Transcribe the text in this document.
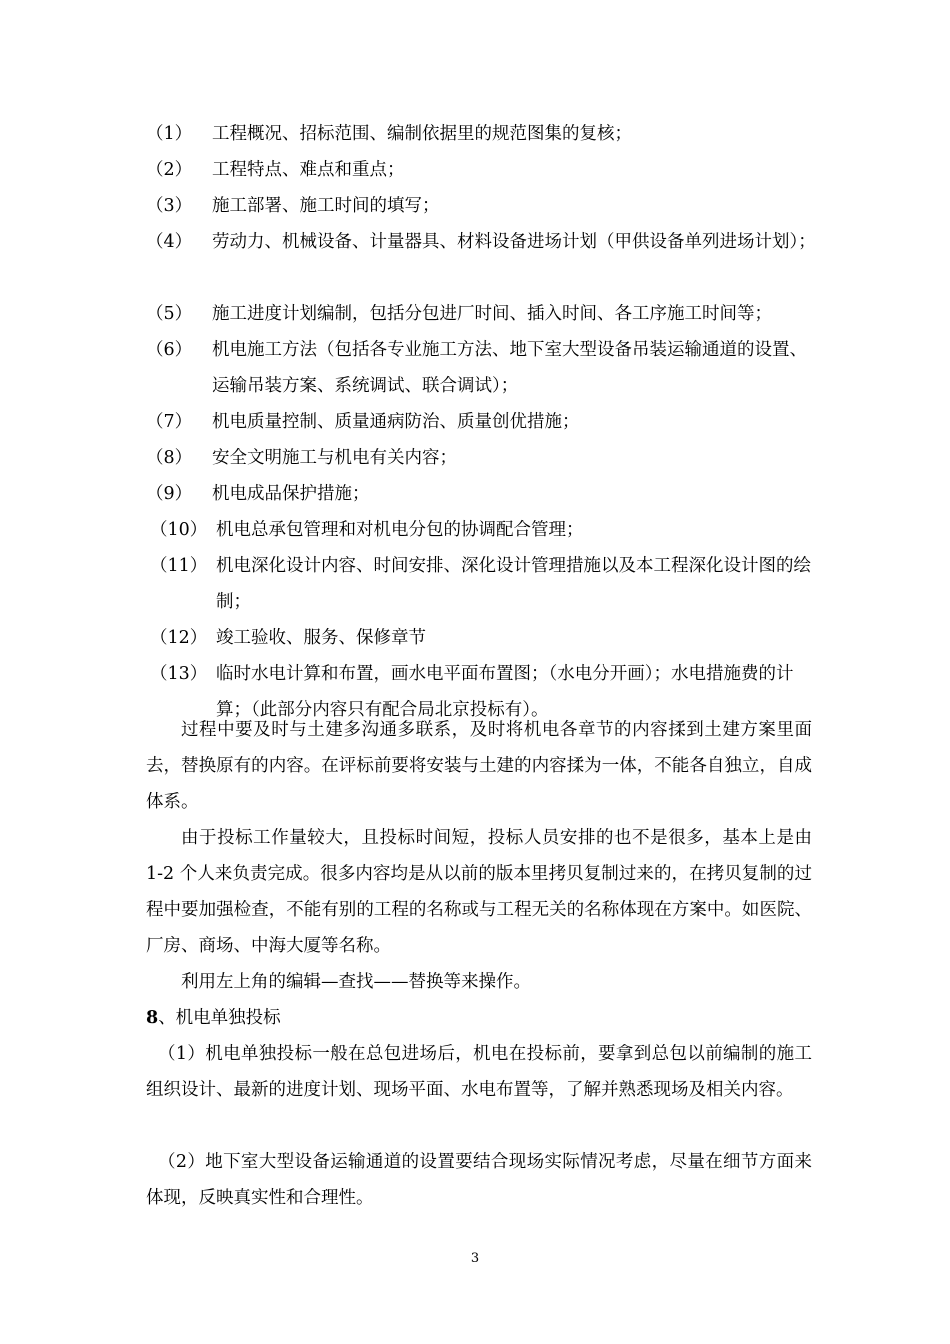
（1） 工程概况、招标范围、编制依据里的规范图集的复核；
（2） 工程特点、难点和重点；
（3） 施工部署、施工时间的填写；
（4） 劳动力、机械设备、计量器具、材料设备进场计划（甲供设备单列进场计划）；
（5） 施工进度计划编制，包括分包进厂时间、插入时间、各工序施工时间等；
（6） 机电施工方法（包括各专业施工方法、地下室大型设备吊装运输通道的设置、运输吊装方案、系统调试、联合调试）；
（7） 机电质量控制、质量通病防治、质量创优措施；
（8） 安全文明施工与机电有关内容；
（9） 机电成品保护措施；
（10） 机电总承包管理和对机电分包的协调配合管理；
（11） 机电深化设计内容、时间安排、深化设计管理措施以及本工程深化设计图的绘制；
（12） 竣工验收、服务、保修章节
（13） 临时水电计算和布置，画水电平面布置图；（水电分开画）；水电措施费的计算；（此部分内容只有配合局北京投标有）。
过程中要及时与土建多沟通多联系，及时将机电各章节的内容揉到土建方案里面去，替换原有的内容。在评标前要将安装与土建的内容揉为一体，不能各自独立，自成体系。
由于投标工作量较大，且投标时间短，投标人员安排的也不是很多，基本上是由 1-2 个人来负责完成。很多内容均是从以前的版本里拷贝复制过来的，在拷贝复制的过程中要加强检查，不能有别的工程的名称或与工程无关的名称体现在方案中。如医院、厂房、商场、中海大厦等名称。
利用左上角的编辑—查找——替换等来操作。
8、机电单独投标
（1）机电单独投标一般在总包进场后，机电在投标前，要拿到总包以前编制的施工组织设计、最新的进度计划、现场平面、水电布置等，了解并熟悉现场及相关内容。
（2）地下室大型设备运输通道的设置要结合现场实际情况考虑，尽量在细节方面来体现，反映真实性和合理性。
3
